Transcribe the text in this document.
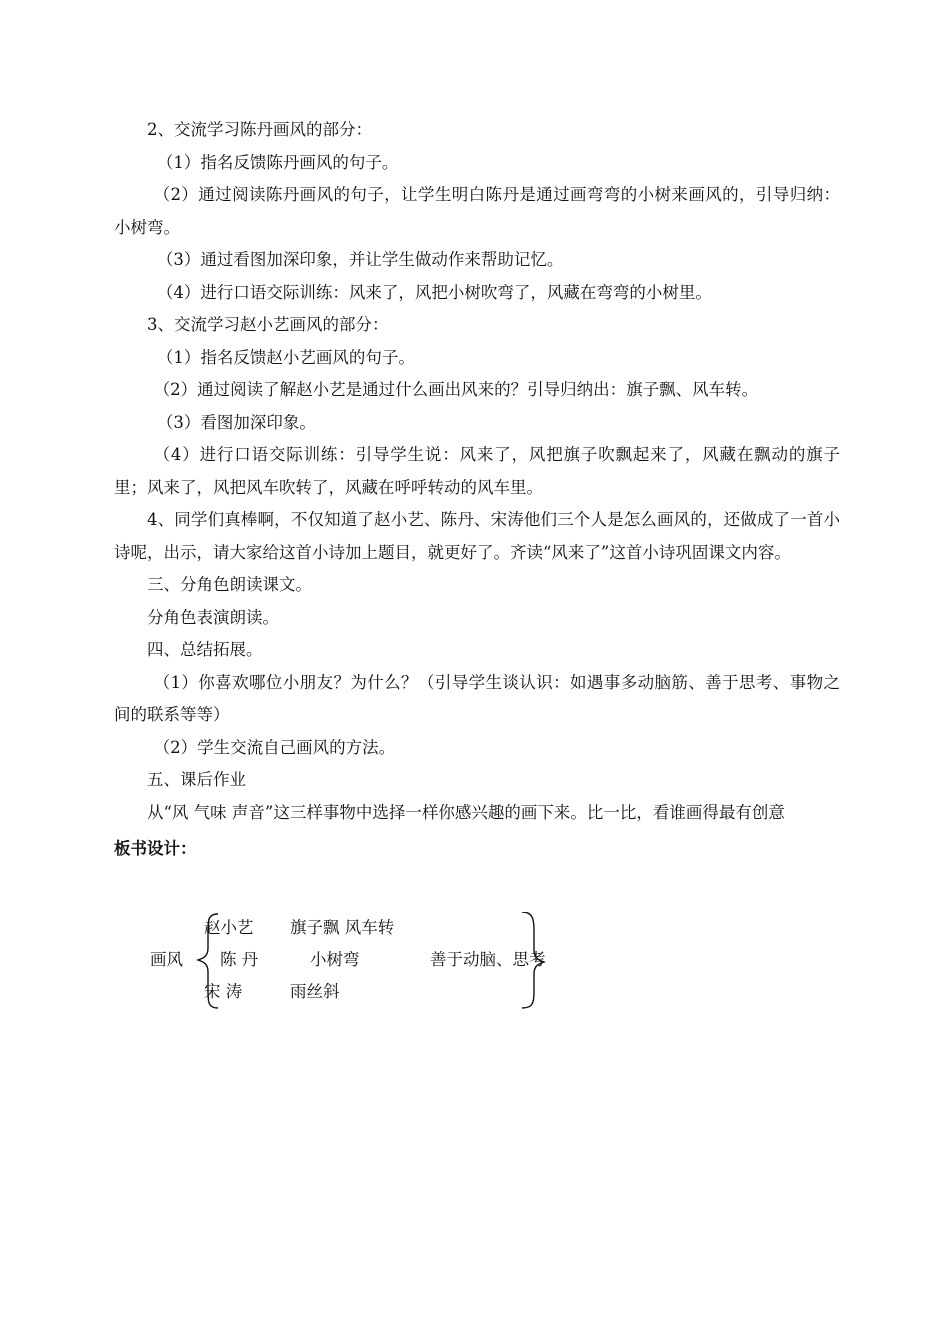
2、交流学习陈丹画风的部分：
（1）指名反馈陈丹画风的句子。
（2）通过阅读陈丹画风的句子，让学生明白陈丹是通过画弯弯的小树来画风的，引导归纳：小树弯。
（3）通过看图加深印象，并让学生做动作来帮助记忆。
（4）进行口语交际训练：风来了，风把小树吹弯了，风藏在弯弯的小树里。
3、交流学习赵小艺画风的部分：
（1）指名反馈赵小艺画风的句子。
（2）通过阅读了解赵小艺是通过什么画出风来的？引导归纳出：旗子飘、风车转。
（3）看图加深印象。
（4）进行口语交际训练：引导学生说：风来了，风把旗子吹飘起来了，风藏在飘动的旗子里；风来了，风把风车吹转了，风藏在呼呼转动的风车里。
4、同学们真棒啊，不仅知道了赵小艺、陈丹、宋涛他们三个人是怎么画风的，还做成了一首小诗呢，出示，请大家给这首小诗加上题目，就更好了。齐读“风来了”这首小诗巩固课文内容。
三、分角色朗读课文。
分角色表演朗读。
四、总结拓展。
（1）你喜欢哪位小朋友？为什么？（引导学生谈认识：如遇事多动脑筋、善于思考、事物之间的联系等等）
（2）学生交流自己画风的方法。
五、课后作业
从“风 气味 声音”这三样事物中选择一样你感兴趣的画下来。比一比，看谁画得最有创意
板书设计：
画风
赵小艺 旗子飘 风车转
陈 丹	小树弯
宋 涛	雨丝斜
善于动脑、思考
